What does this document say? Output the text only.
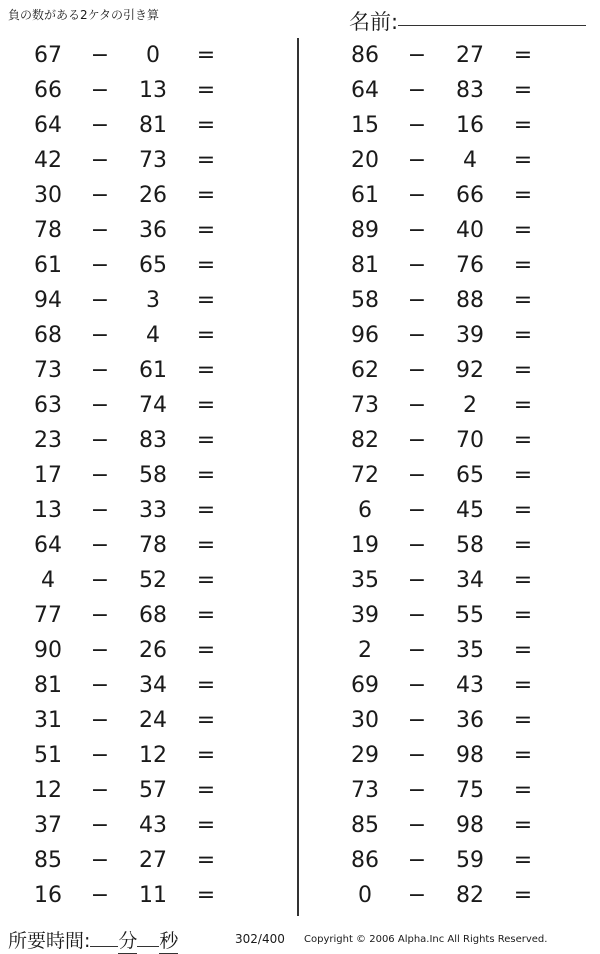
負の数がある2ケタの引き算	名前:
67 −	0	=
66 − 13 =
64 − 81 =
42 − 73 =
30 − 26 =
78 − 36 =
61 − 65 =
94 −	3	=
68 −	4	=
73 − 61 =
63 − 74 =
23 − 83 =
17 − 58 =
13 − 33 =
64 − 78 =
4	− 52 =
77 − 68 =
90 − 26 =
81 − 34 =
31 − 24 =
51 − 12 =
12 − 57 =
37 − 43 =
85 − 27 =
16 − 11 =
86 − 27 =
64 − 83 =
15 − 16 =
20 −	4	=
61 − 66 =
89 − 40 =
81 − 76 =
58 − 88 =
96 − 39 =
62 − 92 =
73 −	2	=
82 − 70 =
72 − 65 =
6	− 45 =
19 − 58 =
35 − 34 =
39 − 55 =
2	− 35 =
69 − 43 =
30 − 36 =
29 − 98 =
73 − 75 =
85 − 98 =
86 − 59 =
0	− 82 =
所要時間: 分 秒	302/400 Copyright © 2006 Alpha.Inc All Rights Reserved.
